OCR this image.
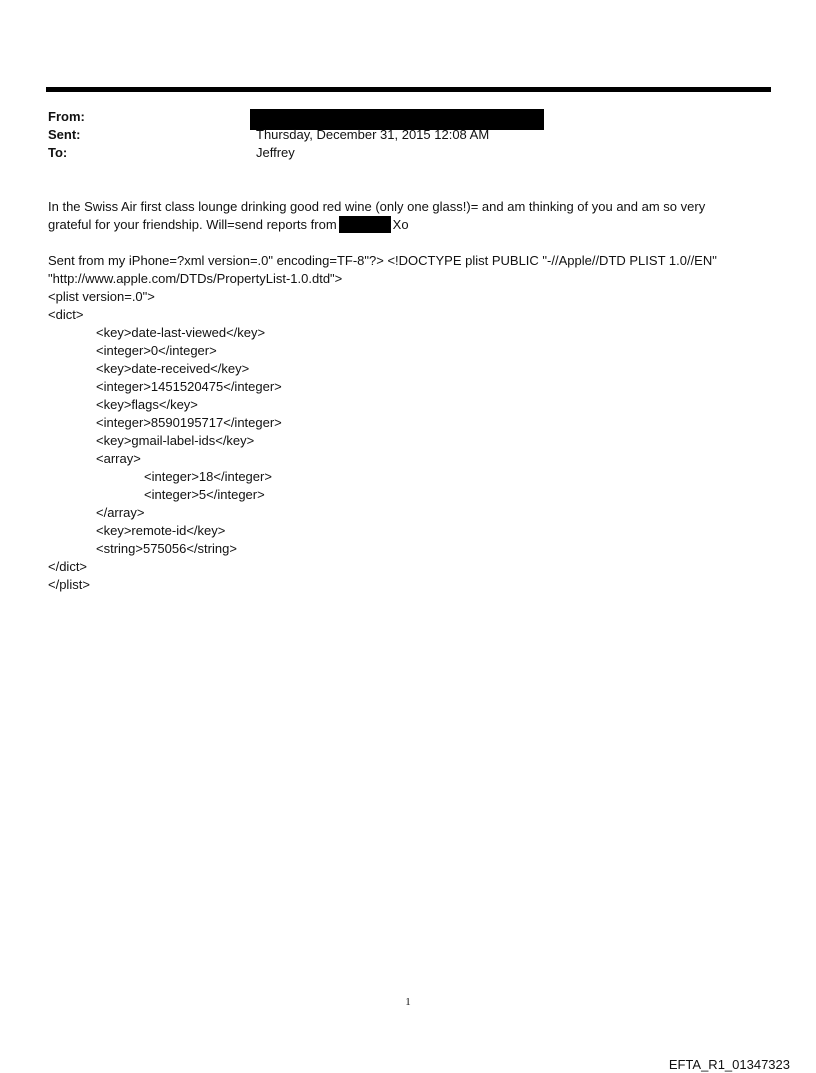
From:
Sent:	Thursday, December 31, 2015 12:08 AM
To:	Jeffrey
In the Swiss Air first class lounge drinking good red wine (only one glass!)= and am thinking of you and am so very
grateful for your friendship. Will=send reports from	Xo
Sent from my iPhone=?xml version=.0" encoding=TF-8"?> <!DOCTYPE plist PUBLIC "-//Apple//DTD PLIST 1.0//EN"
"http://www.apple.com/DTDs/PropertyList-1.0.dtd">
<plist version=.0">
<dict>
<key>date-last-viewed</key>
<integer>0</integer>
<key>date-received</key>
<integer>1451520475</integer>
<key>flags</key>
<integer>8590195717</integer>
<key>gmail-label-ids</key>
<array>
<integer>18</integer>
<integer>5</integer>
</array>
<key>remote-id</key>
<string>575056</string>
</dict>
</plist>
1
EFTA_R1_01347323
